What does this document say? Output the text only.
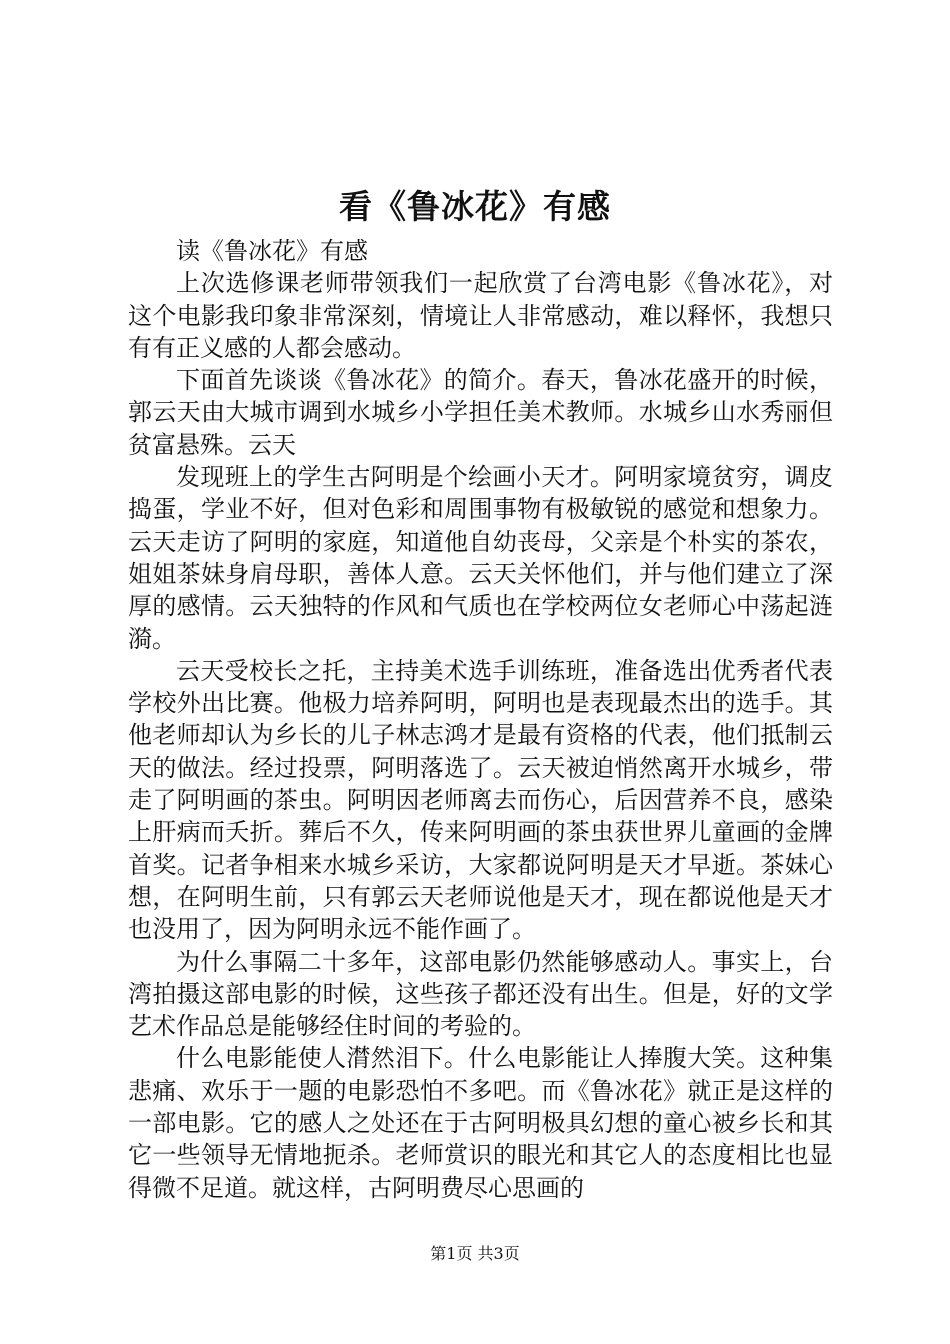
看《鲁冰花》有感

读《鲁冰花》有感

上次选修课老师带领我们一起欣赏了台湾电影《鲁冰花》，对这个电影我印象非常深刻，情境让人非常感动，难以释怀，我想只有有正义感的人都会感动。

下面首先谈谈《鲁冰花》的简介。春天，鲁冰花盛开的时候，郭云天由大城市调到水城乡小学担任美术教师。水城乡山水秀丽但贫富悬殊。云天

发现班上的学生古阿明是个绘画小天才。阿明家境贫穷，调皮捣蛋，学业不好，但对色彩和周围事物有极敏锐的感觉和想象力。云天走访了阿明的家庭，知道他自幼丧母，父亲是个朴实的茶农，姐姐茶妹身肩母职，善体人意。云天关怀他们，并与他们建立了深厚的感情。云天独特的作风和气质也在学校两位女老师心中荡起涟漪。

云天受校长之托，主持美术选手训练班，准备选出优秀者代表学校外出比赛。他极力培养阿明，阿明也是表现最杰出的选手。其他老师却认为乡长的儿子林志鸿才是最有资格的代表，他们抵制云天的做法。经过投票，阿明落选了。云天被迫悄然离开水城乡，带走了阿明画的茶虫。阿明因老师离去而伤心，后因营养不良，感染上肝病而夭折。葬后不久，传来阿明画的茶虫获世界儿童画的金牌首奖。记者争相来水城乡采访，大家都说阿明是天才早逝。茶妹心想，在阿明生前，只有郭云天老师说他是天才，现在都说他是天才也没用了，因为阿明永远不能作画了。

为什么事隔二十多年，这部电影仍然能够感动人。事实上，台湾拍摄这部电影的时候，这些孩子都还没有出生。但是，好的文学艺术作品总是能够经住时间的考验的。

什么电影能使人潸然泪下。什么电影能让人捧腹大笑。这种集悲痛、欢乐于一题的电影恐怕不多吧。而《鲁冰花》就正是这样的一部电影。它的感人之处还在于古阿明极具幻想的童心被乡长和其它一些领导无情地扼杀。老师赏识的眼光和其它人的态度相比也显得微不足道。就这样，古阿明费尽心思画的

第1页 共3页
